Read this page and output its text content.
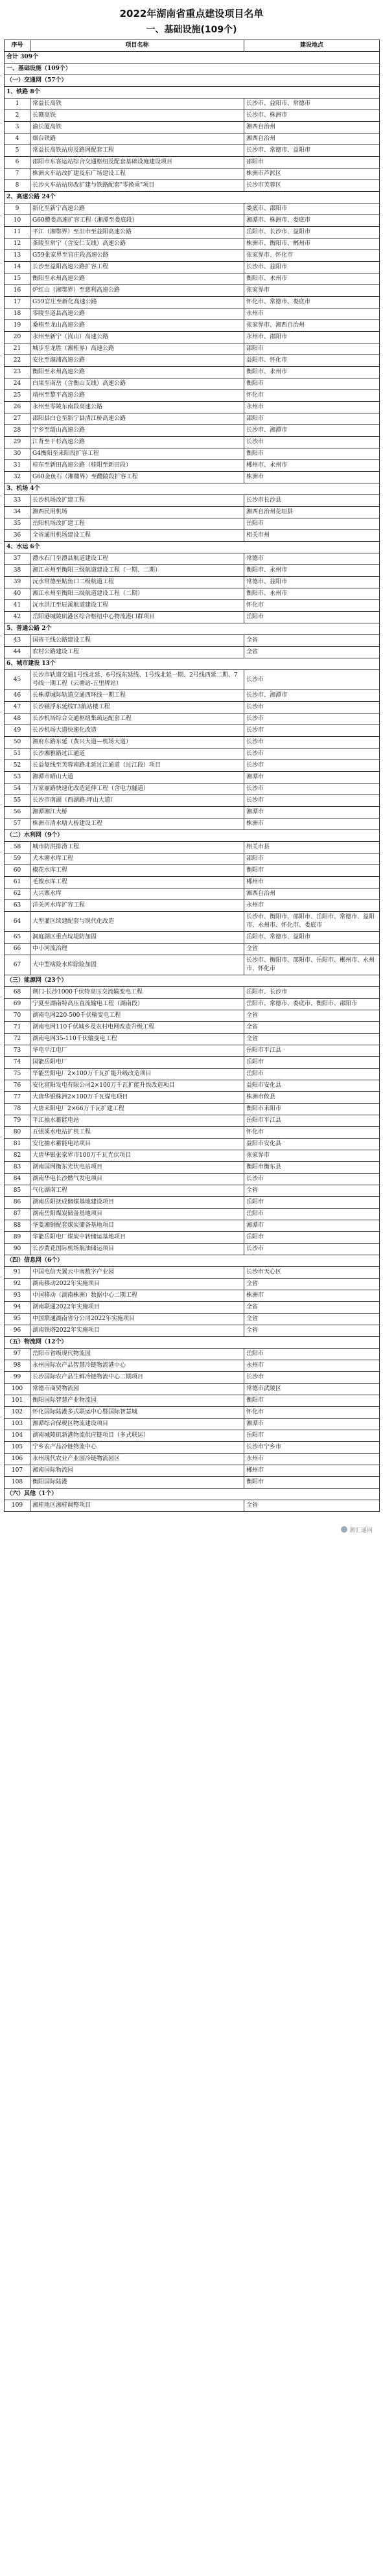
2022年湖南省重点建设项目名单
一、基础设施(109个)
序号	项目名称	建设地点
合计 309个		
一、基础设施（109个）		
（一）交通网（57个）		
1、铁路 8个		
1	常益长高铁	长沙市、益阳市、常德市
2	长赣高铁	长沙市、株洲市
3	渝长厦高铁	湘西自治州
4	烟台铁路	湘西自治州
5	常益长高铁站房及路网配套工程	长沙市、常德市、益阳市
6	邵阳市东客运站综合交通枢纽及配套基础设施建设项目	邵阳市
7	株洲火车站改扩建及东广场建设工程	株洲市芦淞区
8	长沙火车站站房改扩建与铁路配套"零换乘"项目	长沙市芙蓉区
2、高速公路 24个		
9	新化至新宁高速公路	娄底市、邵阳市
10	G60醴娄高速扩容工程（湘潭至娄底段）	湘潭市、株洲市、娄底市
11	平江（湘鄂界）至汨市至益阳高速公路	岳阳市、长沙市、益阳市
12	茶陵至常宁（含安仁支线）高速公路	株洲市、衡阳市、郴州市
13	G59张家界至官庄段高速公路	张家界市、怀化市
14	长沙至益阳高速公路扩容工程	长沙市、益阳市
15	衡阳至永州高速公路	衡阳市、永州市
16	炉红山（湘鄂界）至慈利高速公路	张家界市
17	G59官庄至新化高速公路	怀化市、常德市、娄底市
18	零陵至道县高速公路	永州市
19	桑植至龙山高速公路	张家界市、湘西自治州
20	永州至新宁（崀山）高速公路	永州市、邵阳市
21	城步至龙胜（湘桂界）高速公路	邵阳市
22	安化至溆浦高速公路	益阳市、怀化市
23	衡阳至永州高速公路	衡阳市、永州市
24	白果至南岳（含衡山支线）高速公路	衡阳市
25	靖州至黎平高速公路	怀化市
26	永州至零陵东南段高速公路	永州市
27	邵阳县白仓至新宁县清江桥高速公路	邵阳市
28	宁乡至韶山高速公路	长沙市、湘潭市
29	江背至干杉高速公路	长沙市
30	G4衡阳至耒阳段扩容工程	衡阳市
31	桂东至新田高速公路（桂阳至新田段）	郴州市、永州市
32	G60金鱼石（湘赣界）至醴陵段扩容工程	株洲市
3、机场 4个		
33	长沙机场改扩建工程	长沙市长沙县
34	湘西民用机场	湘西自治州花垣县
35	岳阳机场改扩建工程	岳阳市
36	全省通用机场建设工程	相关市州
4、水运 6个		
37	澧水石门至澧县航道建设工程	常德市
38	湘江永州至衡阳三级航道建设工程（一期、二期）	衡阳市、永州市
39	沅水常德至鲇鱼口二级航道工程	常德市、益阳市
40	湘江永州至衡阳三级航道建设工程（二期）	衡阳市、永州市
41	沅水洪江至辰溪航道建设工程	怀化市
42	岳阳港城陵矶港区综合枢纽中心物流港口群项目	岳阳市
5、普通公路 2个		
43	国省干线公路建设工程	全省
44	农村公路建设工程	全省
6、城市建设 13个		
45	长沙市轨道交通1号线北延、6号线东延线、1号线北延一期、2号线西延二期、7号线一期工程（云塘站-五里牌站）	长沙市
46	长株潭城际轨道交通西环线一期工程	长沙市、湘潭市
47	长沙磁浮东延线T3航站楼工程	长沙市
48	长沙机场综合交通枢纽集疏运配套工程	长沙市
49	长沙机场大道快速化改造	长沙市
50	湘府东路东延（黄兴大道—机场大道）	长沙市
51	长沙湘雅路过江通道	长沙市
52	长益复线至芙蓉南路北延过江通道（过江段）项目	长沙市
53	湘潭市昭山大道	湘潭市
54	万家丽路快速化改造延伸工程（含电力隧道）	长沙市
55	长沙市南湖（西湖路-坪山大道）	长沙市
56	湘潭湘江大桥	湘潭市
57	株洲市清水塘大桥建设工程	株洲市
（二）水利网（9个）		
58	城市防洪排涝工程	相关市县
59	犬木塘水库工程	邵阳市
60	椒花水库工程	衡阳市
61	毛俊水库工程	郴州市
62	大兴寨水库	湘西自治州
63	洋关河水库扩容工程	永州市
64	大型灌区续建配套与现代化改造	长沙市、衡阳市、邵阳市、岳阳市、常德市、益阳市、永州市、怀化市、娄底市
65	洞庭湖区重点垸堤防加固	岳阳市、常德市、益阳市
66	中小河流治理	全省
67	大中型病险水库除险加固	长沙市、衡阳市、邵阳市、岳阳市、郴州市、永州市、怀化市
（三）能源网（23个）		
68	荆门-长沙1000千伏特高压交流输变电工程	岳阳市、长沙市
69	宁夏至湖南特高压直流输电工程（湖南段）	岳阳市、常德市、娄底市、衡阳市、邵阳市
70	湖南电网220-500千伏输变电工程	全省
71	湖南电网110千伏城乡及农村电网改造升级工程	全省
72	湖南电网35-110千伏输变电工程	全省
73	华电平江电厂	岳阳市平江县
74	国能岳阳电厂	岳阳市
75	华能岳阳电厂2×100万千瓦扩能升级改造项目	岳阳市
76	安化富阳发电有限公司2×100万千瓦扩能升级改造项目	益阳市安化县
77	大唐华银株洲2×100万千瓦煤电项目	株洲市攸县
78	大唐耒阳电厂2×66万千瓦扩建工程	衡阳市耒阳市
79	平江抽水蓄能电站	岳阳市平江县
80	五强溪水电站扩机工程	怀化市
81	安化抽水蓄能电站项目	益阳市安化县
82	大唐华银张家界市100万千瓦光伏项目	张家界市
83	湖南国网衡东光伏电站项目	衡阳市衡东县
84	湖南华电长沙燃气发电项目	长沙市
85	气化湖南工程	全省
86	湖南岳阳抚成储煤基地建设项目	岳阳市
87	湖南岳阳煤炭储备基地项目	岳阳市
88	华菱湘钢配套煤炭储备基地项目	湘潭市
89	华能岳阳电厂煤炭中转储运基地项目	岳阳市
90	长沙黄花国际机场航油储运项目	长沙市
（四）信息网（6个）		
91	中国电信天翼云中南数字产业园	长沙市天心区
92	湖南移动2022年实施项目	全省
93	中国移动（湖南株洲）数据中心二期工程	株洲市
94	湖南联通2022年实施项目	全省
95	中国联通湖南省分公司2022年实施项目	全省
96	湖南铁塔2022年实施项目	全省
（五）物流网（12个）		
97	岳阳市省级现代物流园	岳阳市
98	永州国际农产品智慧冷链物流港中心	永州市
99	长沙国际农产品生鲜冷链物流中心二期项目	长沙市
100	常德市商贸物流园	常德市武陵区
101	衡阳国际智慧产业物流园	衡阳市
102	怀化国际陆港多式联运中心暨国际智慧城	怀化市
103	湘潭综合保税区物流建设项目	湘潭市
104	湖南城陵矶新港物流供应链项目（多式联运）	岳阳市
105	宁乡农产品冷链物流中心	长沙市宁乡市
106	永州现代农业产业园冷链物流园区	永州市
107	湘南国际物流园	郴州市
108	衡阳国际陆港	衡阳市
（六）其他（1个）		
109	湘桂地区湘桂调整项目	全省
湘汇通网
